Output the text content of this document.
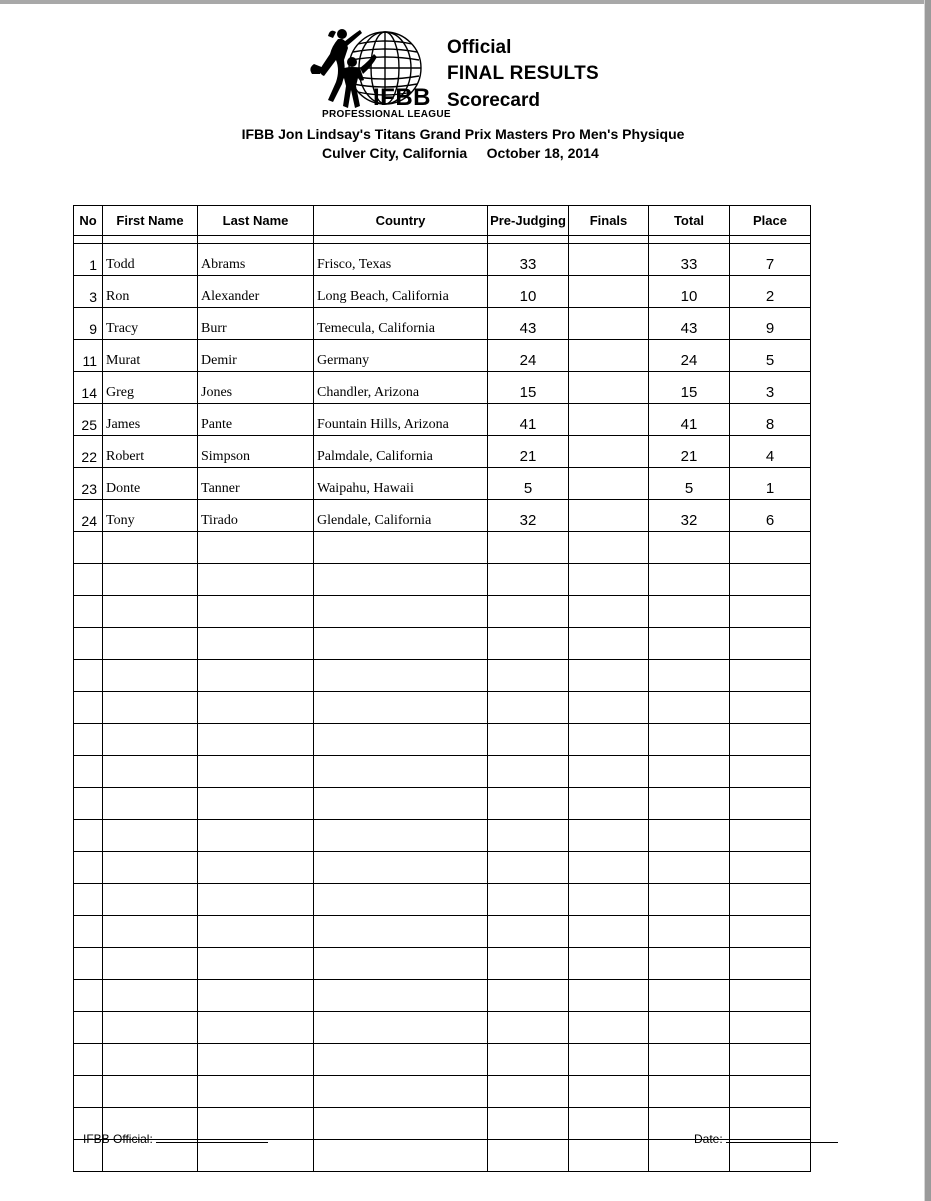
IFBB
PROFESSIONAL LEAGUE
Official
FINAL RESULTS
Scorecard
IFBB Jon Lindsay's Titans Grand Prix Masters Pro Men's Physique
Culver City, California October 18, 2014
No	First Name	Last Name	Country	Pre-Judging	Finals	Total	Place

1	Todd	Abrams	Frisco, Texas	33		33	7
3	Ron	Alexander	Long Beach, California	10		10	2
9	Tracy	Burr	Temecula, California	43		43	9
11	Murat	Demir	Germany	24		24	5
14	Greg	Jones	Chandler, Arizona	15		15	3
25	James	Pante	Fountain Hills, Arizona	41		41	8
22	Robert	Simpson	Palmdale, California	21		21	4
23	Donte	Tanner	Waipahu, Hawaii	5		5	1
24	Tony	Tirado	Glendale, California	32		32	6

IFBB Official:	Date:
